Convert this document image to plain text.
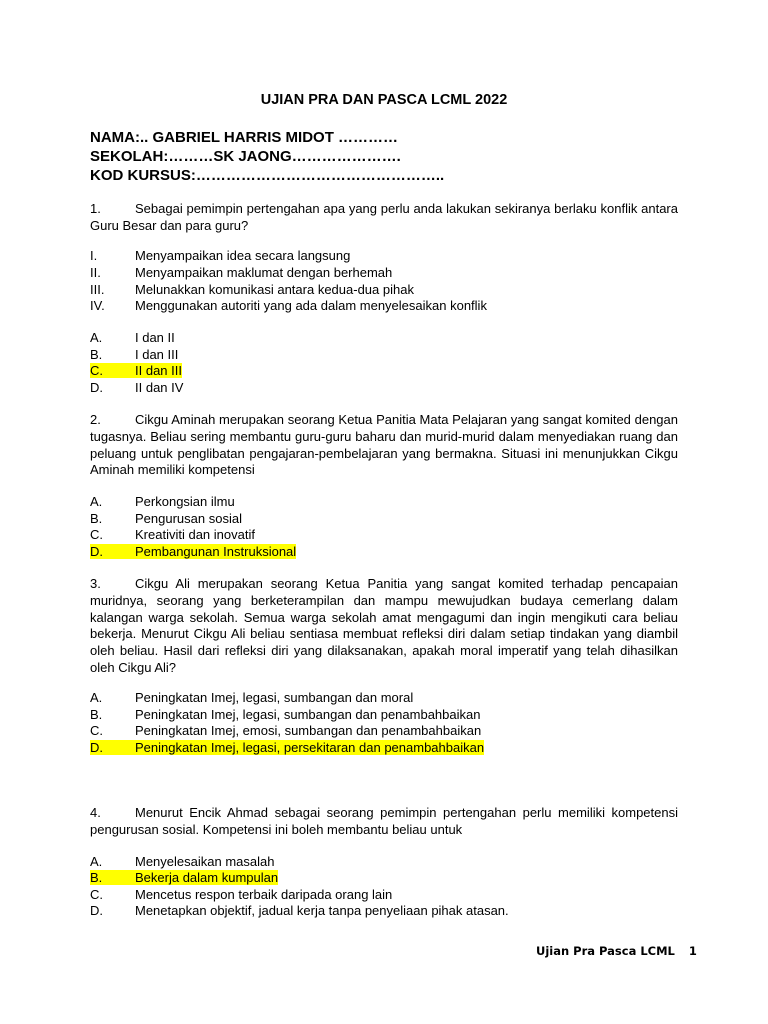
UJIAN PRA DAN PASCA LCML 2022
NAMA:.. GABRIEL HARRIS MIDOT …………
SEKOLAH:………SK JAONG………………….
KOD KURSUS:…………………………………………..
1.	Sebagai pemimpin pertengahan apa yang perlu anda lakukan sekiranya berlaku konflik antara Guru Besar dan para guru?
I.	Menyampaikan idea secara langsung
II.	Menyampaikan maklumat dengan berhemah
III. Melunakkan komunikasi antara kedua-dua pihak
IV. Menggunakan autoriti yang ada dalam menyelesaikan konflik
A.	I dan II
B.	I dan III
C. II dan III
D. II dan IV
2.	Cikgu Aminah merupakan seorang Ketua Panitia Mata Pelajaran yang sangat komited dengan tugasnya. Beliau sering membantu guru-guru baharu dan murid-murid dalam menyediakan ruang dan peluang untuk penglibatan pengajaran-pembelajaran yang bermakna. Situasi ini menunjukkan Cikgu Aminah memiliki kompetensi
A.	Perkongsian ilmu
B.	Pengurusan sosial
C. Kreativiti dan inovatif
D. Pembangunan Instruksional
3.	Cikgu Ali merupakan seorang Ketua Panitia yang sangat komited terhadap pencapaian muridnya, seorang yang berketerampilan dan mampu mewujudkan budaya cemerlang dalam kalangan warga sekolah. Semua warga sekolah amat mengagumi dan ingin mengikuti cara beliau bekerja. Menurut Cikgu Ali beliau sentiasa membuat refleksi diri dalam setiap tindakan yang diambil oleh beliau. Hasil dari refleksi diri yang dilaksanakan, apakah moral imperatif yang telah dihasilkan oleh Cikgu Ali?
A.	Peningkatan Imej, legasi, sumbangan dan moral
B.	Peningkatan Imej, legasi, sumbangan dan penambahbaikan
C. Peningkatan Imej, emosi, sumbangan dan penambahbaikan
D. Peningkatan Imej, legasi, persekitaran dan penambahbaikan
4.	Menurut Encik Ahmad sebagai seorang pemimpin pertengahan perlu memiliki kompetensi pengurusan sosial. Kompetensi ini boleh membantu beliau untuk
A.	Menyelesaikan masalah
B.	Bekerja dalam kumpulan
C. Mencetus respon terbaik daripada orang lain
D. Menetapkan objektif, jadual kerja tanpa penyeliaan pihak atasan.
Ujian Pra Pasca LCML 1
